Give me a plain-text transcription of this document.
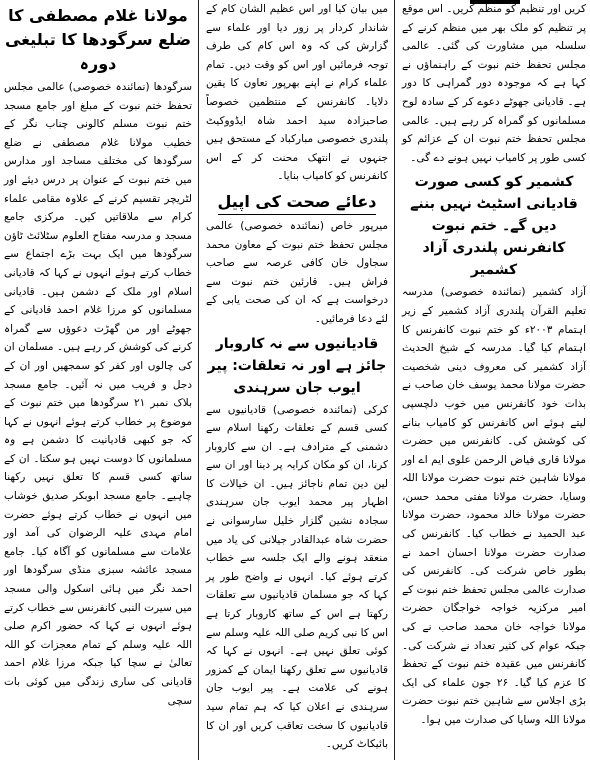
کریں اور تنظیم کو منظم کریں۔ اس موقع پر تنظیم کو ملک بھر میں منظم کرنے کے سلسلہ میں مشاورت کی گئی۔ عالمی مجلس تحفظ ختم نبوت کے راہنماؤں نے کہا ہے کہ موجودہ دور گمراہی کا دور ہے۔ قادیانی جھوٹے دعوے کر کے سادہ لوح مسلمانوں کو گمراہ کر رہے ہیں۔ عالمی مجلس تحفظ ختم نبوت ان کے عزائم کو کسی طور پر کامیاب نہیں ہونے دے گی۔

کشمیر کو کسی صورت قادیانی اسٹیٹ نہیں بننے دیں گے۔ ختم نبوت کانفرنس پلندری آزاد کشمیر

آزاد کشمیر (نمائندہ خصوصی) مدرسہ تعلیم القرآن پلندری آزاد کشمیر کے زیر اہتمام ۲۰۰۳ء کو ختم نبوت کانفرنس کا اہتمام کیا گیا۔ مدرسہ کے شیخ الحدیث آزاد کشمیر کی معروف دینی شخصیت حضرت مولانا محمد یوسف خان صاحب نے بذات خود کانفرنس میں خوب دلچسپی لیتے ہوئے اس کانفرنس کو کامیاب بنانے کی کوشش کی۔ کانفرنس میں حضرت مولانا قاری فیاض الرحمن علوی ایم اے اور مولانا شاہین ختم نبوت حضرت مولانا اللہ وسایا، حضرت مولانا مفتی محمد حسن، حضرت مولانا خالد محمود، حضرت مولانا عبد الحمید نے خطاب کیا۔ کانفرنس کی صدارت حضرت مولانا احسان احمد نے بطور خاص شرکت کی۔ کانفرنس کی صدارت عالمی مجلس تحفظ ختم نبوت کے امیر مرکزیہ خواجہ خواجگان حضرت مولانا خواجہ خان محمد صاحب نے کی جبکہ عوام کی کثیر تعداد نے شرکت کی۔ کانفرنس میں عقیدہ ختم نبوت کے تحفظ کا عزم کیا گیا۔ ۲۶ جون علماء کی ایک بڑی اجلاس سے شاہین ختم نبوت حضرت مولانا اللہ وسایا کی صدارت میں ہوا۔

میں بیان کیا اور اس عظیم الشان کام کے شاندار کردار پر زور دیا اور علماء سے گزارش کی کہ وہ اس کام کی طرف توجہ فرمائیں اور اس کو وقت دیں۔ تمام علماء کرام نے اپنے بھرپور تعاون کا یقین دلایا۔ کانفرنس کے منتظمین خصوصاً صاحبزادہ سید احمد شاہ ایڈووکیٹ پلندری خصوصی مبارکباد کے مستحق ہیں جنہوں نے انتھک محنت کر کے اس کانفرنس کو کامیاب بنایا۔

دعائے صحت کی اپیل

میرپور خاص (نمائندہ خصوصی) عالمی مجلس تحفظ ختم نبوت کے معاون محمد سجاول خان کافی عرصہ سے صاحب فراش ہیں۔ قارئین ختم نبوت سے درخواست ہے کہ ان کی صحت یابی کے لئے دعا فرمائیں۔

قادیانیوں سے نہ کاروبار جائز ہے اور نہ تعلقات: پیر ایوب جان سرہندی

کرکی (نمائندہ خصوصی) قادیانیوں سے کسی قسم کے تعلقات رکھنا اسلام سے دشمنی کے مترادف ہے۔ ان سے کاروبار کرنا، ان کو مکان کرایہ پر دینا اور ان سے لین دین تمام ناجائز ہیں۔ ان خیالات کا اظہار پیر محمد ایوب جان سرہندی سجادہ نشین گلزار خلیل سارسوانی نے حضرت شاہ عبدالقادر جیلانی کی یاد میں منعقد ہونے والے ایک جلسہ سے خطاب کرتے ہوئے کیا۔ انہوں نے واضح طور پر کہا کہ جو مسلمان قادیانیوں سے تعلقات رکھتا ہے اس کے ساتھ کاروبار کرتا ہے اس کا نبی کریم صلی اللہ علیہ وسلم سے کوئی تعلق نہیں ہے۔ انہوں نے کہا کہ قادیانیوں سے تعلق رکھنا ایمان کے کمزور ہونے کی علامت ہے۔ پیر ایوب جان سرہندی نے اعلان کیا کہ ہم تمام سید قادیانیوں کا سخت تعاقب کریں اور ان کا بائیکاٹ کریں۔

مولانا غلام مصطفی کا ضلع سرگودھا کا تبلیغی دورہ

سرگودھا (نمائندہ خصوصی) عالمی مجلس تحفظ ختم نبوت کے مبلغ اور جامع مسجد ختم نبوت مسلم کالونی چناب نگر کے خطیب مولانا غلام مصطفی نے ضلع سرگودھا کی مختلف مساجد اور مدارس میں ختم نبوت کے عنوان پر درس دیئے اور لٹریچر تقسیم کرنے کے علاوہ مقامی علماء کرام سے ملاقاتیں کیں۔ مرکزی جامع مسجد و مدرسہ مفتاح العلوم سٹلائٹ ٹاؤن سرگودھا میں ایک بہت بڑے اجتماع سے خطاب کرتے ہوئے انہوں نے کہا کہ قادیانی اسلام اور ملک کے دشمن ہیں۔ قادیانی مسلمانوں کو مرزا غلام احمد قادیانی کے جھوٹے اور من گھڑت دعوؤں سے گمراہ کرنے کی کوشش کر رہے ہیں۔ مسلمان ان کی چالوں اور کفر کو سمجھیں اور ان کے دجل و فریب میں نہ آئیں۔ جامع مسجد بلاک نمبر ۲۱ سرگودھا میں ختم نبوت کے موضوع پر خطاب کرتے ہوئے انہوں نے کہا کہ جو کبھی قادیانیت کا دشمن ہے وہ مسلمانوں کا دوست نہیں ہو سکتا۔ ان کے ساتھ کسی قسم کا تعلق نہیں رکھنا چاہیے۔ جامع مسجد ابوبکر صدیق خوشاب میں انہوں نے خطاب کرتے ہوئے حضرت امام مہدی علیہ الرضوان کی آمد اور علامات سے مسلمانوں کو آگاہ کیا۔ جامع مسجد عائشہ سبزی منڈی سرگودھا اور احمد نگر میں ہائی اسکول والی مسجد میں سیرت النبی کانفرنس سے خطاب کرتے ہوئے انہوں نے کہا کہ حضور اکرم صلی اللہ علیہ وسلم کے تمام معجزات کو اللہ تعالیٰ نے سچا کیا جبکہ مرزا غلام احمد قادیانی کی ساری زندگی میں کوئی بات سچی
